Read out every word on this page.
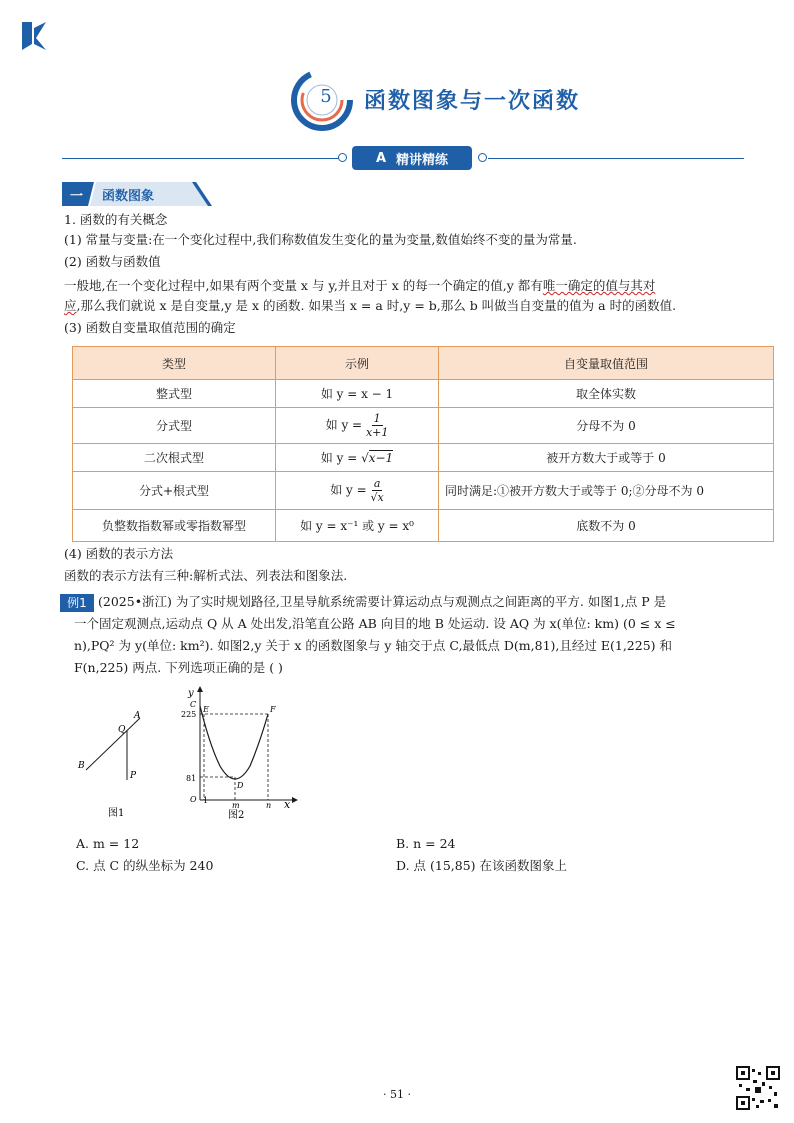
5 函数图象与一次函数
A 精讲精练
一 函数图象
1. 函数的有关概念
(1) 常量与变量:在一个变化过程中,我们称数值发生变化的量为变量,数值始终不变的量为常量.
(2) 函数与函数值
一般地,在一个变化过程中,如果有两个变量 x 与 y,并且对于 x 的每一个确定的值,y 都有唯一确定的值与其对
应,那么我们就说 x 是自变量,y 是 x 的函数. 如果当 x = a 时,y = b,那么 b 叫做当自变量的值为 a 时的函数值.
(3) 函数自变量取值范围的确定
类型	示例	自变量取值范围
整式型	如 y = x − 1	取全体实数
分式型	如 $y = \frac{1}{x+1}$	分母不为 0
二次根式型	如 y = √x−1	被开方数大于或等于 0
分式+根式型	如 $y = \frac{a}{√x}$	同时满足:①被开方数大于或等于 0;②分母不为 0
负整数指数幂或零指数幂型	如 y = x⁻¹ 或 y = x⁰	底数不为 0
(4) 函数的表示方法
函数的表示方法有三种:解析式法、列表法和图象法.
例1 (2025•浙江) 为了实时规划路径,卫星导航系统需要计算运动点与观测点之间距离的平方. 如图1,点 P 是
一个固定观测点,运动点 Q 从 A 处出发,沿笔直公路 AB 向目的地 B 处运动. 设 AQ 为 x(单位: km) (0 ≤ x ≤
n),PQ² 为 y(单位: km²). 如图2,y 关于 x 的函数图象与 y 轴交于点 C,最低点 D(m,81),且经过 E(1,225) 和
F(n,225) 两点. 下列选项正确的是 ( )
A
Q
B
P
图1
y
C
E	F
225
81
D
O 1
m	n x
图2
A. m = 12	B. n = 24
C. 点 C 的纵坐标为 240	D. 点 (15,85) 在该函数图象上
· 51 ·
